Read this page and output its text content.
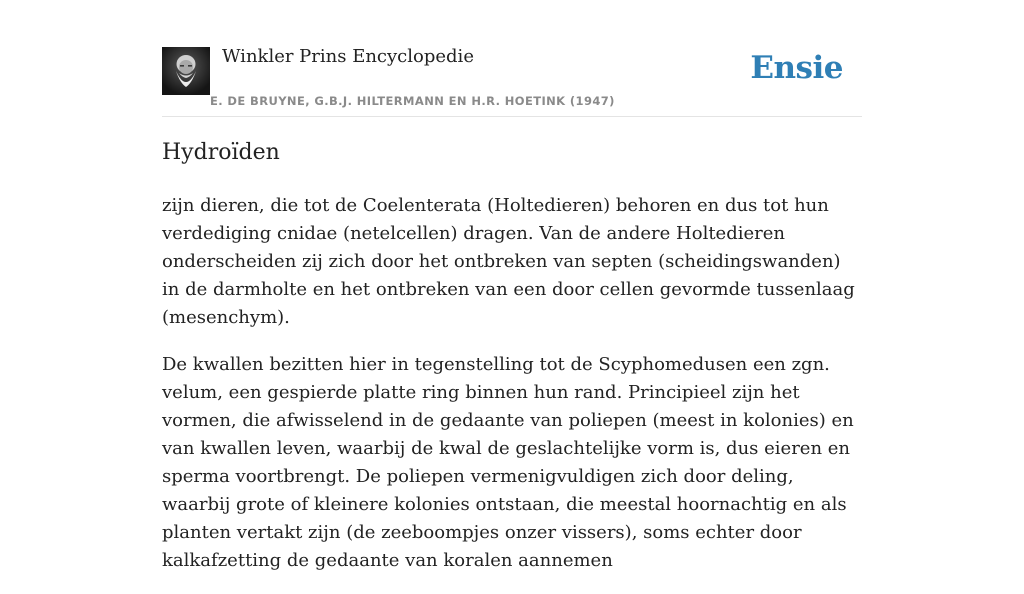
Winkler Prins Encyclopedie
E. DE BRUYNE, G.B.J. HILTERMANN EN H.R. HOETINK (1947)
Ensie
Hydroïden

zijn dieren, die tot de Coelenterata (Holtedieren) behoren en dus tot hun verdediging cnidae (netelcellen) dragen. Van de andere Holtedieren onderscheiden zij zich door het ontbreken van septen (scheidingswanden) in de darmholte en het ontbreken van een door cellen gevormde tussenlaag (mesenchym).

De kwallen bezitten hier in tegenstelling tot de Scyphomedusen een zgn. velum, een gespierde platte ring binnen hun rand. Principieel zijn het vormen, die afwisselend in de gedaante van poliepen (meest in kolonies) en van kwallen leven, waarbij de kwal de geslachtelijke vorm is, dus eieren en sperma voortbrengt. De poliepen vermenigvuldigen zich door deling, waarbij grote of kleinere kolonies ontstaan, die meestal hoornachtig en als planten vertakt zijn (de zeeboompjes onzer vissers), soms echter door kalkafzetting de gedaante van koralen aannemen
